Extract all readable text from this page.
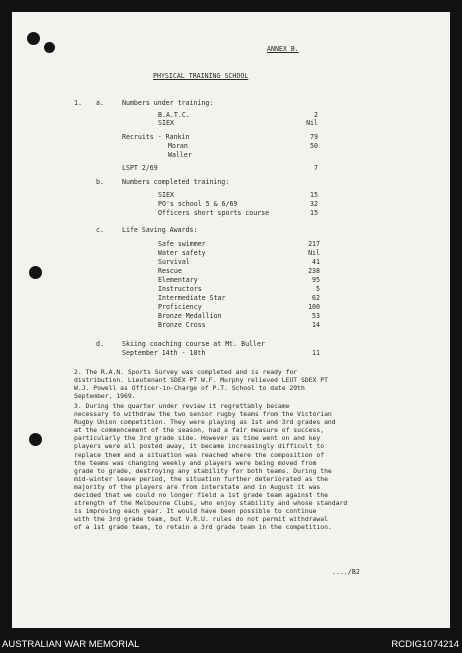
ANNEX B.
PHYSICAL TRAINING SCHOOL
1. a.	Numbers under training:
B.A.T.C.	2
SIEX	Nil
Recruits - Rankin	79
Moran	50
Waller
LSPT 2/69	7
b.	Numbers completed training:
SIEX	15
PO's school 5 & 6/69	32
Officers short sports course	15
c.	Life Saving Awards:
Safe swimmer	217
Water safety	Nil
Survival	41
Rescue	238
Elementary	95
Instructors	5
Intermediate Star	62
Proficiency	100
Bronze Medallion	53
Bronze Cross	14
d.	Skiing coaching course at Mt. Buller
September 14th - 18th	11
2. The R.A.N. Sports Survey was completed and is ready for
distribution. Lieutenant SDEX PT W.F. Murphy relieved LEUT SDEX PT
W.J. Powell as Officer-in-Charge of P.T. School to date 29th
September, 1969.
3. During the quarter under review it regrettably became
necessary to withdraw the two senior rugby teams from the Victorian
Rugby Union competition. They were playing as 1st and 3rd grades and
at the commencement of the season, had a fair measure of success,
particularly the 3rd grade side. However as time went on and key
players were all posted away, it became increasingly difficult to
replace them and a situation was reached where the composition of
the teams was changing weekly and players were being moved from
grade to grade, destroying any stability for both teams. During the
mid-winter leave period, the situation further deteriorated as the
majority of the players are from interstate and in August it was
decided that we could no longer field a 1st grade team against the
strength of the Melbourne Clubs, who enjoy stability and whose standard
is improving each year. It would have been possible to continue
with the 3rd grade team, but V.R.U. rules do not permit withdrawal
of a 1st grade team, to retain a 3rd grade team in the competition.
..../B2
AUSTRALIAN WAR MEMORIAL	RCDIG1074214
